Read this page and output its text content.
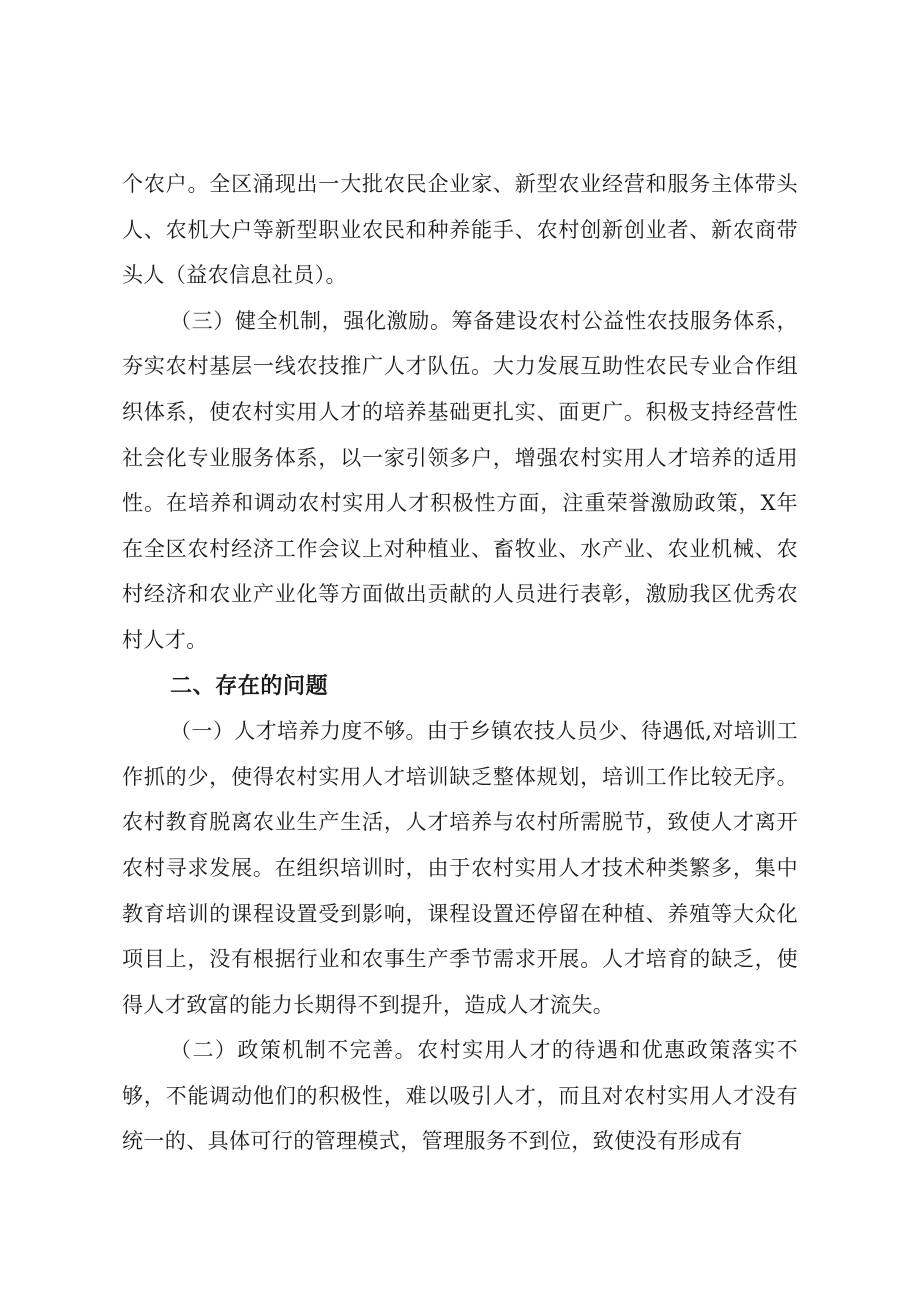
个农户。全区涌现出一大批农民企业家、新型农业经营和服务主体带头人、农机大户等新型职业农民和种养能手、农村创新创业者、新农商带头人（益农信息社员）。

（三）健全机制，强化激励。筹备建设农村公益性农技服务体系，夯实农村基层一线农技推广人才队伍。大力发展互助性农民专业合作组织体系，使农村实用人才的培养基础更扎实、面更广。积极支持经营性社会化专业服务体系，以一家引领多户，增强农村实用人才培养的适用性。在培养和调动农村实用人才积极性方面，注重荣誉激励政策，X年在全区农村经济工作会议上对种植业、畜牧业、水产业、农业机械、农村经济和农业产业化等方面做出贡献的人员进行表彰，激励我区优秀农村人才。

二、存在的问题

（一）人才培养力度不够。由于乡镇农技人员少、待遇低,对培训工作抓的少，使得农村实用人才培训缺乏整体规划，培训工作比较无序。农村教育脱离农业生产生活，人才培养与农村所需脱节，致使人才离开农村寻求发展。在组织培训时，由于农村实用人才技术种类繁多，集中教育培训的课程设置受到影响，课程设置还停留在种植、养殖等大众化项目上，没有根据行业和农事生产季节需求开展。人才培育的缺乏，使得人才致富的能力长期得不到提升，造成人才流失。

（二）政策机制不完善。农村实用人才的待遇和优惠政策落实不够，不能调动他们的积极性，难以吸引人才，而且对农村实用人才没有统一的、具体可行的管理模式，管理服务不到位，致使没有形成有
